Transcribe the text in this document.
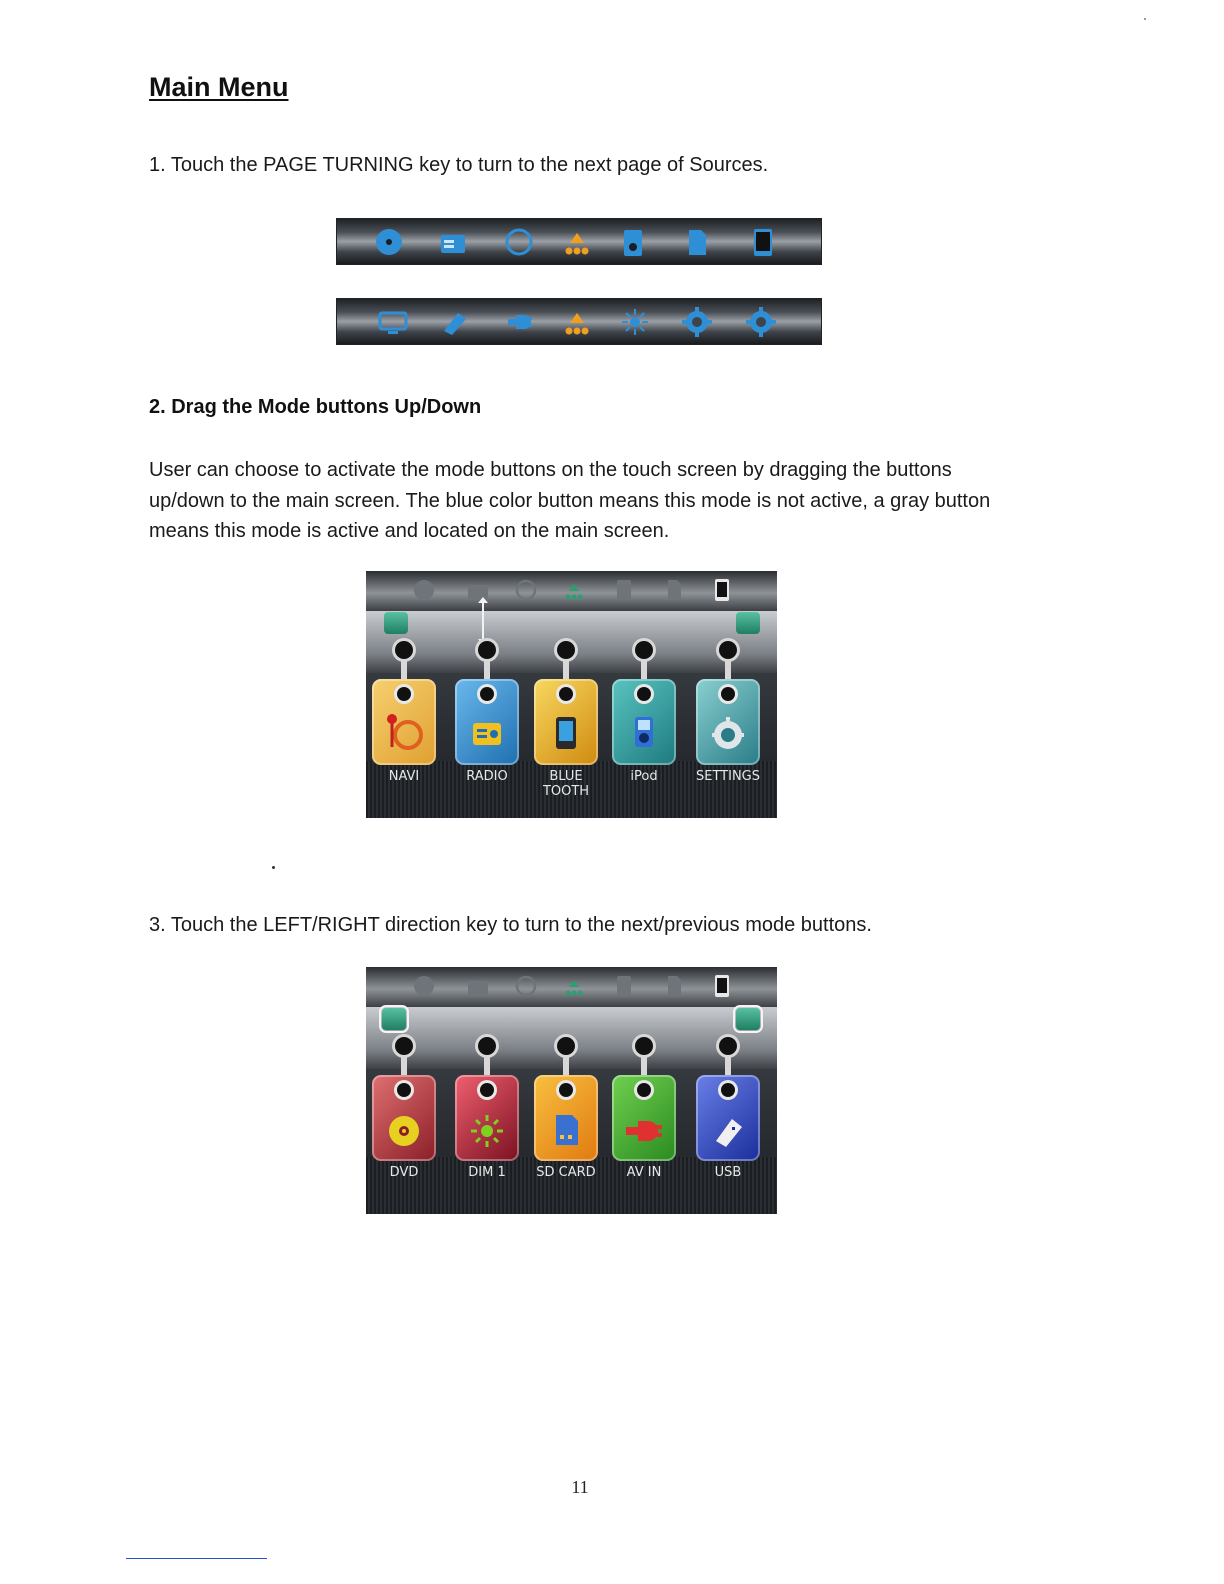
Main Menu

1. Touch the PAGE TURNING key to turn to the next page of Sources.

2. Drag the Mode buttons Up/Down

User can choose to activate the mode buttons on the touch screen by dragging the buttons up/down to the main screen. The blue color button means this mode is not active, a gray button means this mode is active and located on the main screen.

NAVI	RADIO	BLUE
TOOTH
iPod	SETTINGS

3. Touch the LEFT/RIGHT direction key to turn to the next/previous mode buttons.

DVD	DIM 1	SD CARD	AV IN	USB
11
